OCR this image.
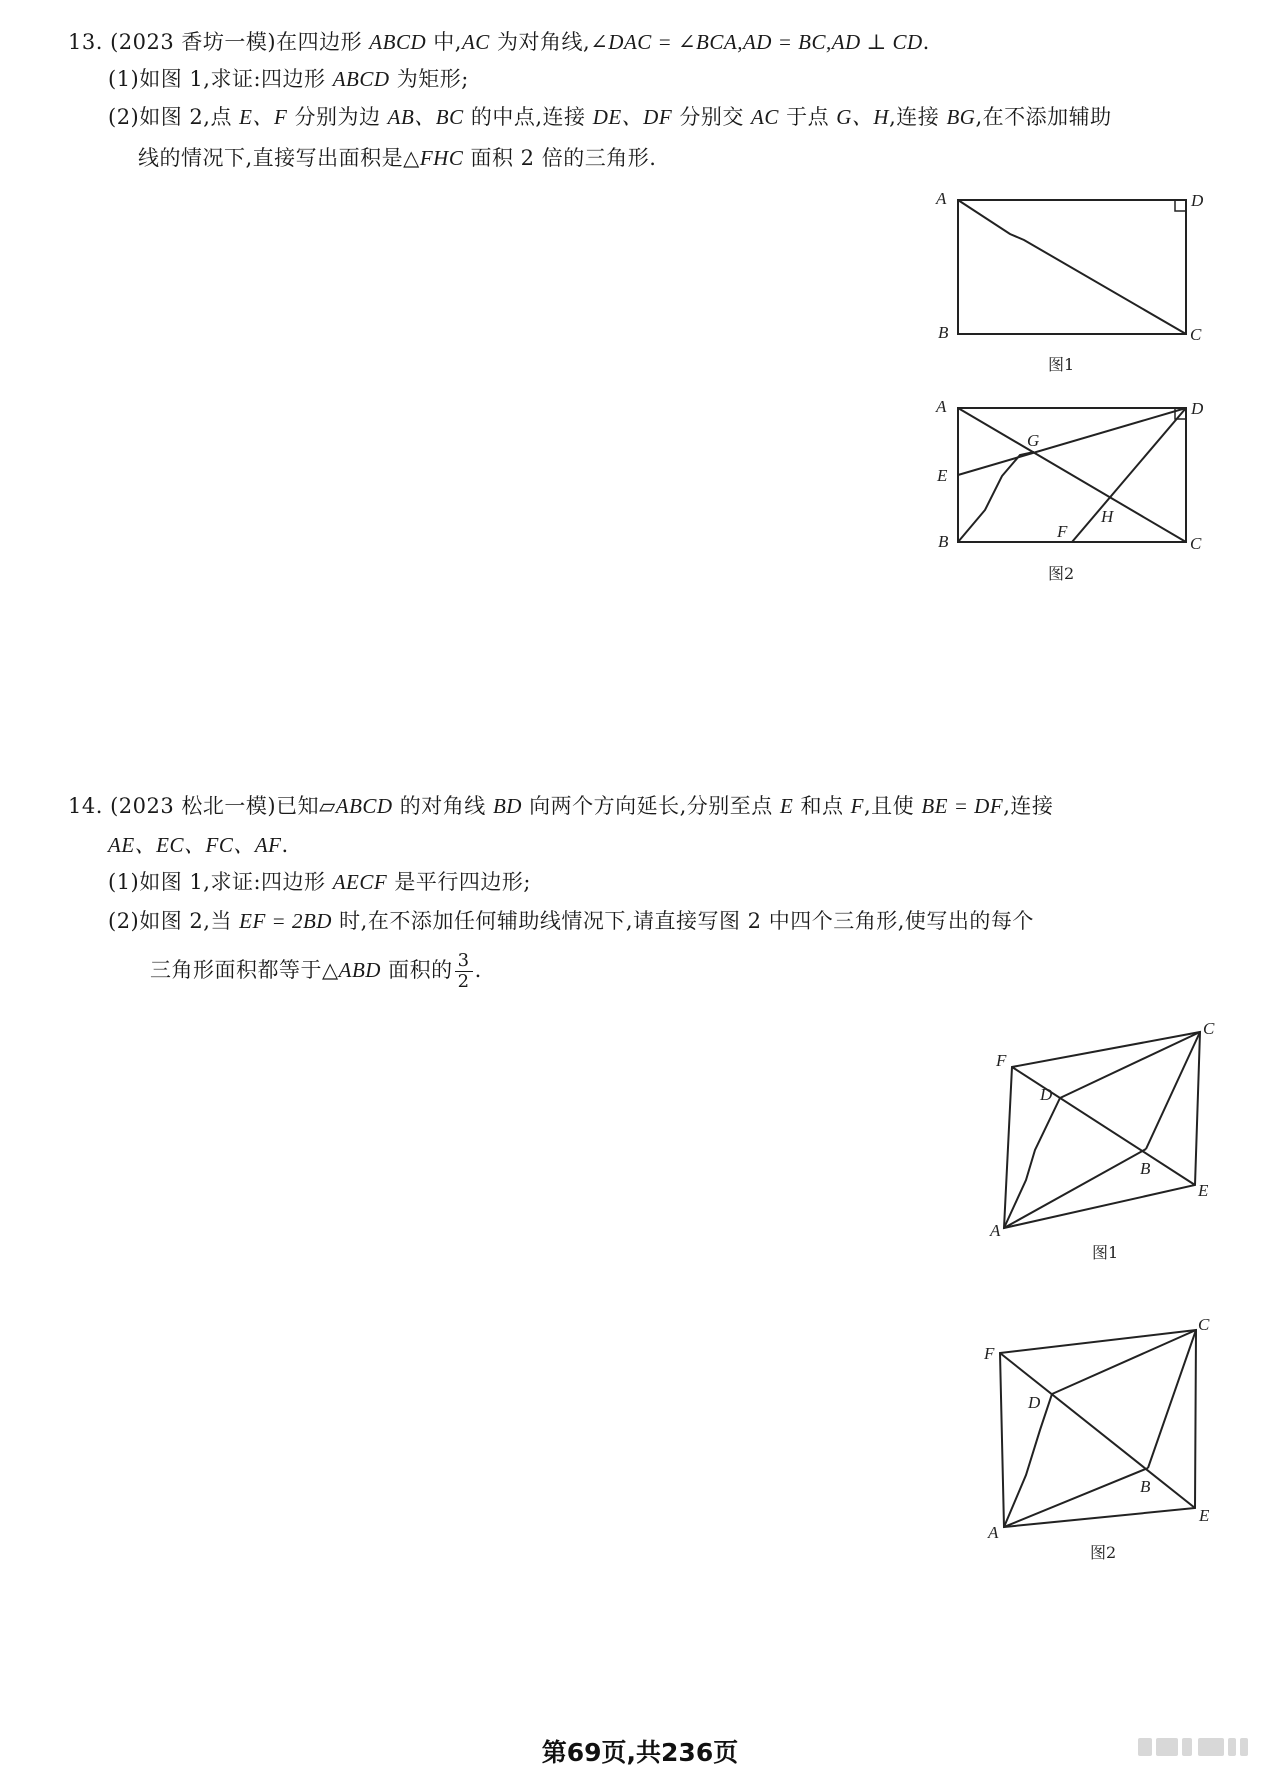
13. (2023 香坊一模)在四边形 ABCD 中,AC 为对角线,∠DAC = ∠BCA,AD = BC,AD ⊥ CD.
(1)如图 1,求证:四边形 ABCD 为矩形;
(2)如图 2,点 E、F 分别为边 AB、BC 的中点,连接 DE、DF 分别交 AC 于点 G、H,连接 BG,在不添加辅助
线的情况下,直接写出面积是△FHC 面积 2 倍的三角形.
A	D
B	C
图1
A	D
G
E
H
F
B	C
图2
14. (2023 松北一模)已知▱ABCD 的对角线 BD 向两个方向延长,分别至点 E 和点 F,且使 BE = DF,连接
AE、EC、FC、AF.
(1)如图 1,求证:四边形 AECF 是平行四边形;
(2)如图 2,当 EF = 2BD 时,在不添加任何辅助线情况下,请直接写图 2 中四个三角形,使写出的每个
三角形面积都等于△ABD 面积的 $\frac{3}{2}$ .
C
F
D
B
E
A
图1
C
F
D
B
E
A
图2
第69页,共236页
